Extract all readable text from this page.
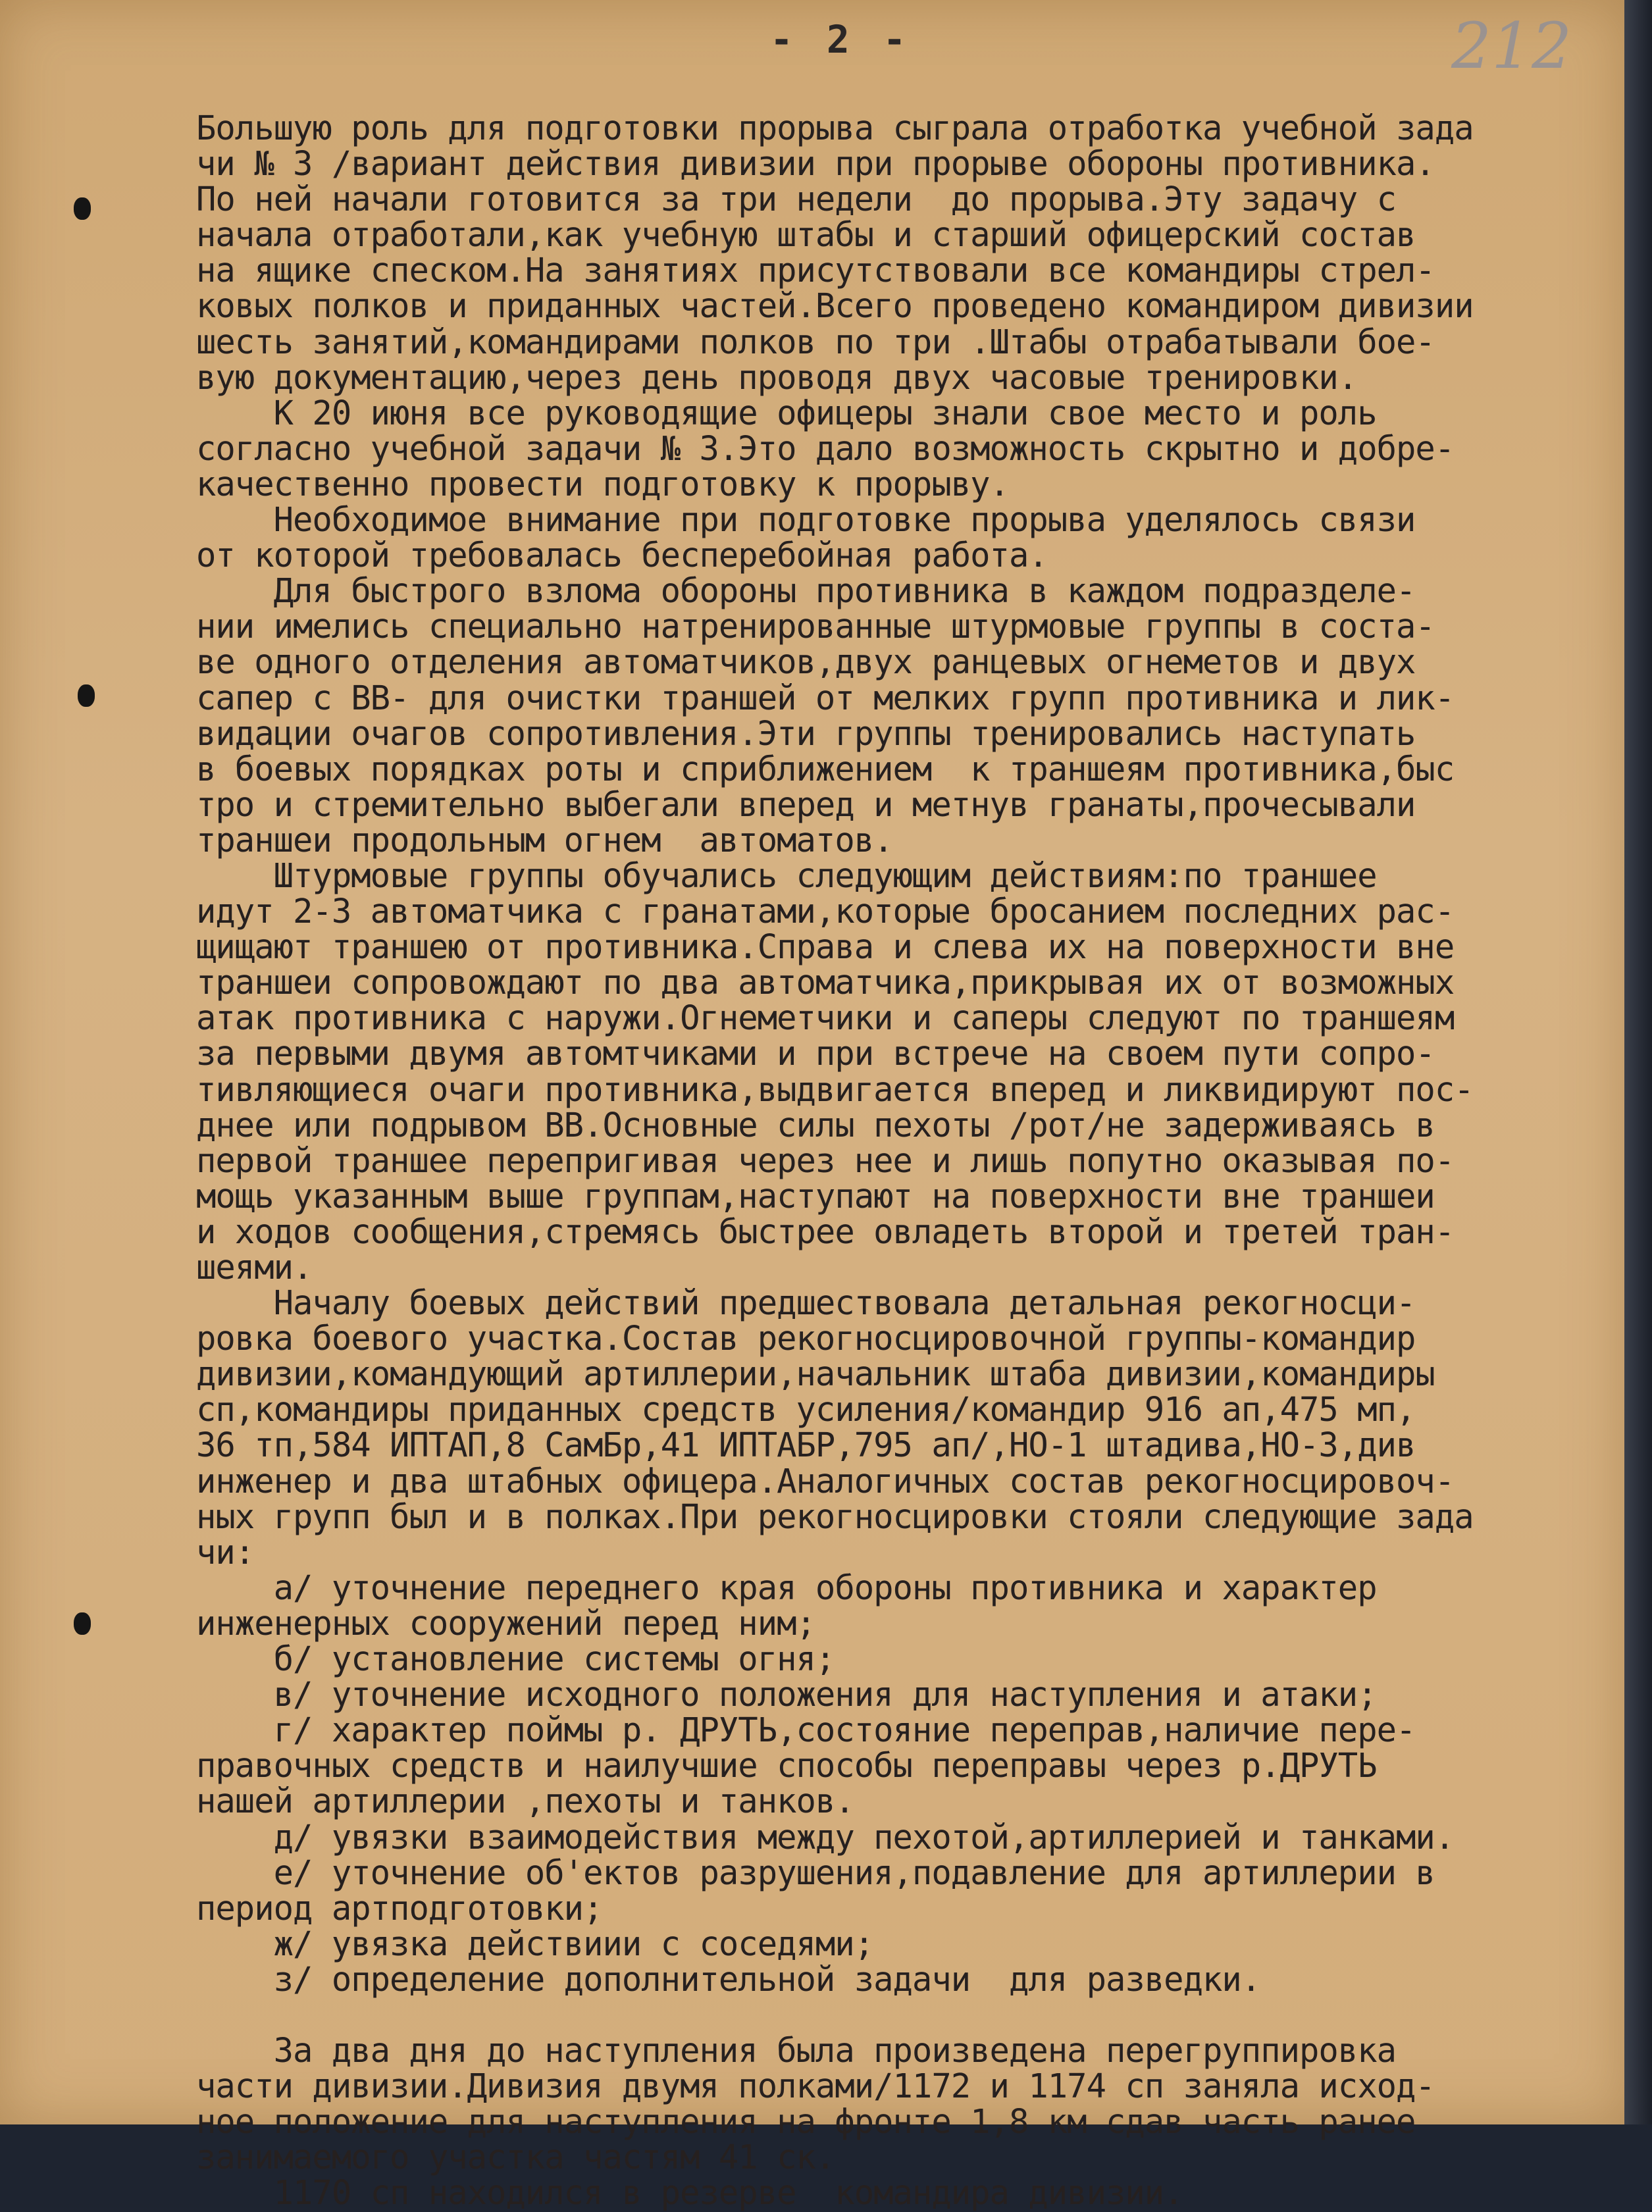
- 2 -	212
Большую роль для подготовки прорыва сыграла отработка учебной зада
чи № 3 /вариант действия дивизии при прорыве обороны противника.
По ней начали готовится за три недели  до прорыва.Эту задачу с
начала отработали,как учебную штабы и старший офицерский состав
на ящике спеском.На занятиях присутствовали все командиры стрел-
ковых полков и приданных частей.Всего проведено командиром дивизии
шесть занятий,командирами полков по три .Штабы отрабатывали бое-
вую документацию,через день проводя двух часовые тренировки.
К 20 июня все руководящие офицеры знали свое место и роль
согласно учебной задачи № 3.Это дало возможность скрытно и добре-
качественно провести подготовку к прорыву.
Необходимое внимание при подготовке прорыва уделялось связи
от которой требовалась бесперебойная работа.
Для быстрого взлома обороны противника в каждом подразделе-
нии имелись специально натренированные штурмовые группы в соста-
ве одного отделения автоматчиков,двух ранцевых огнеметов и двух
сапер с ВВ- для очистки траншей от мелких групп противника и лик-
видации очагов сопротивления.Эти группы тренировались наступать
в боевых порядках роты и сприближением  к траншеям противника,быс
тро и стремительно выбегали вперед и метнув гранаты,прочесывали
траншеи продольным огнем  автоматов.
Штурмовые группы обучались следующим действиям:по траншее
идут 2-3 автоматчика с гранатами,которые бросанием последних рас-
щищают траншею от противника.Справа и слева их на поверхности вне
траншеи сопровождают по два автоматчика,прикрывая их от возможных
атак противника с наружи.Огнеметчики и саперы следуют по траншеям
за первыми двумя автомтчиками и при встрече на своем пути сопро-
тивляющиеся очаги противника,выдвигается вперед и ликвидируют пос-
днее или подрывом ВВ.Основные силы пехоты /рот/не задерживаясь в
первой траншее перепригивая через нее и лишь попутно оказывая по-
мощь указанным выше группам,наступают на поверхности вне траншеи
и ходов сообщения,стремясь быстрее овладеть второй и третей тран-
шеями.
Началу боевых действий предшествовала детальная рекогносци-
ровка боевого участка.Состав рекогносцировочной группы-командир
дивизии,командующий артиллерии,начальник штаба дивизии,командиры
сп,командиры приданных средств усиления/командир 916 ап,475 мп,
36 тп,584 ИПТАП,8 СамБр,41 ИПТАБР,795 ап/,НО-1 штадива,НО-3,див
инженер и два штабных офицера.Аналогичных состав рекогносцировоч-
ных групп был и в полках.При рекогносцировки стояли следующие зада
чи:
а/ уточнение переднего края обороны противника и характер
инженерных сооружений перед ним;
б/ установление системы огня;
в/ уточнение исходного положения для наступления и атаки;
г/ характер поймы р. ДРУТЬ,состояние переправ,наличие пере-
правочных средств и наилучшие способы переправы через р.ДРУТЬ
нашей артиллерии ,пехоты и танков.
д/ увязки взаимодействия между пехотой,артиллерией и танками.
е/ уточнение об'ектов разрушения,подавление для артиллерии в
период артподготовки;
ж/ увязка действиии с соседями;
з/ определение дополнительной задачи  для разведки.
За два дня до наступления была произведена перегруппировка
части дивизии.Дивизия двумя полками/1172 и 1174 сп заняла исход-
ное положение для наступления на фронте 1,8 км сдав часть ранее
занимаемого участка частям 41 ск.
1170 сп находился в резерве  командира дивизии.
